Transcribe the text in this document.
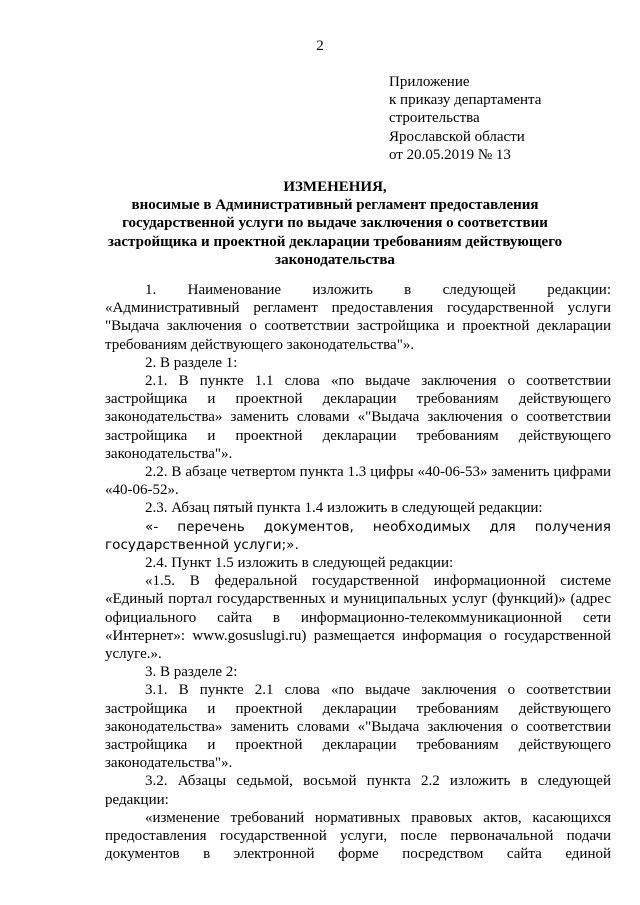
2
Приложение
к приказу департамента
строительства
Ярославской области
от 20.05.2019 № 13
ИЗМЕНЕНИЯ,
вносимые в Административный регламент предоставления государственной услуги по выдаче заключения о соответствии застройщика и проектной декларации требованиям действующего законодательства

1. Наименование изложить в следующей редакции: «Административный регламент предоставления государственной услуги "Выдача заключения о соответствии застройщика и проектной декларации требованиям действующего законодательства"».

2. В разделе 1:

2.1. В пункте 1.1 слова «по выдаче заключения о соответствии застройщика и проектной декларации требованиям действующего законодательства» заменить словами «"Выдача заключения о соответствии застройщика и проектной декларации требованиям действующего законодательства"».

2.2. В абзаце четвертом пункта 1.3 цифры «40-06-53» заменить цифрами «40-06-52».

2.3. Абзац пятый пункта 1.4 изложить в следующей редакции:

«- перечень документов, необходимых для получения государственной услуги;».

2.4. Пункт 1.5 изложить в следующей редакции:

«1.5. В федеральной государственной информационной системе «Единый портал государственных и муниципальных услуг (функций)» (адрес официального сайта в информационно-телекоммуникационной сети «Интернет»: www.gosuslugi.ru) размещается информация о государственной услуге.».

3. В разделе 2:

3.1. В пункте 2.1 слова «по выдаче заключения о соответствии застройщика и проектной декларации требованиям действующего законодательства» заменить словами «"Выдача заключения о соответствии застройщика и проектной декларации требованиям действующего законодательства"».

3.2. Абзацы седьмой, восьмой пункта 2.2 изложить в следующей редакции:

«изменение требований нормативных правовых актов, касающихся предоставления государственной услуги, после первоначальной подачи документов в электронной форме посредством сайта единой
